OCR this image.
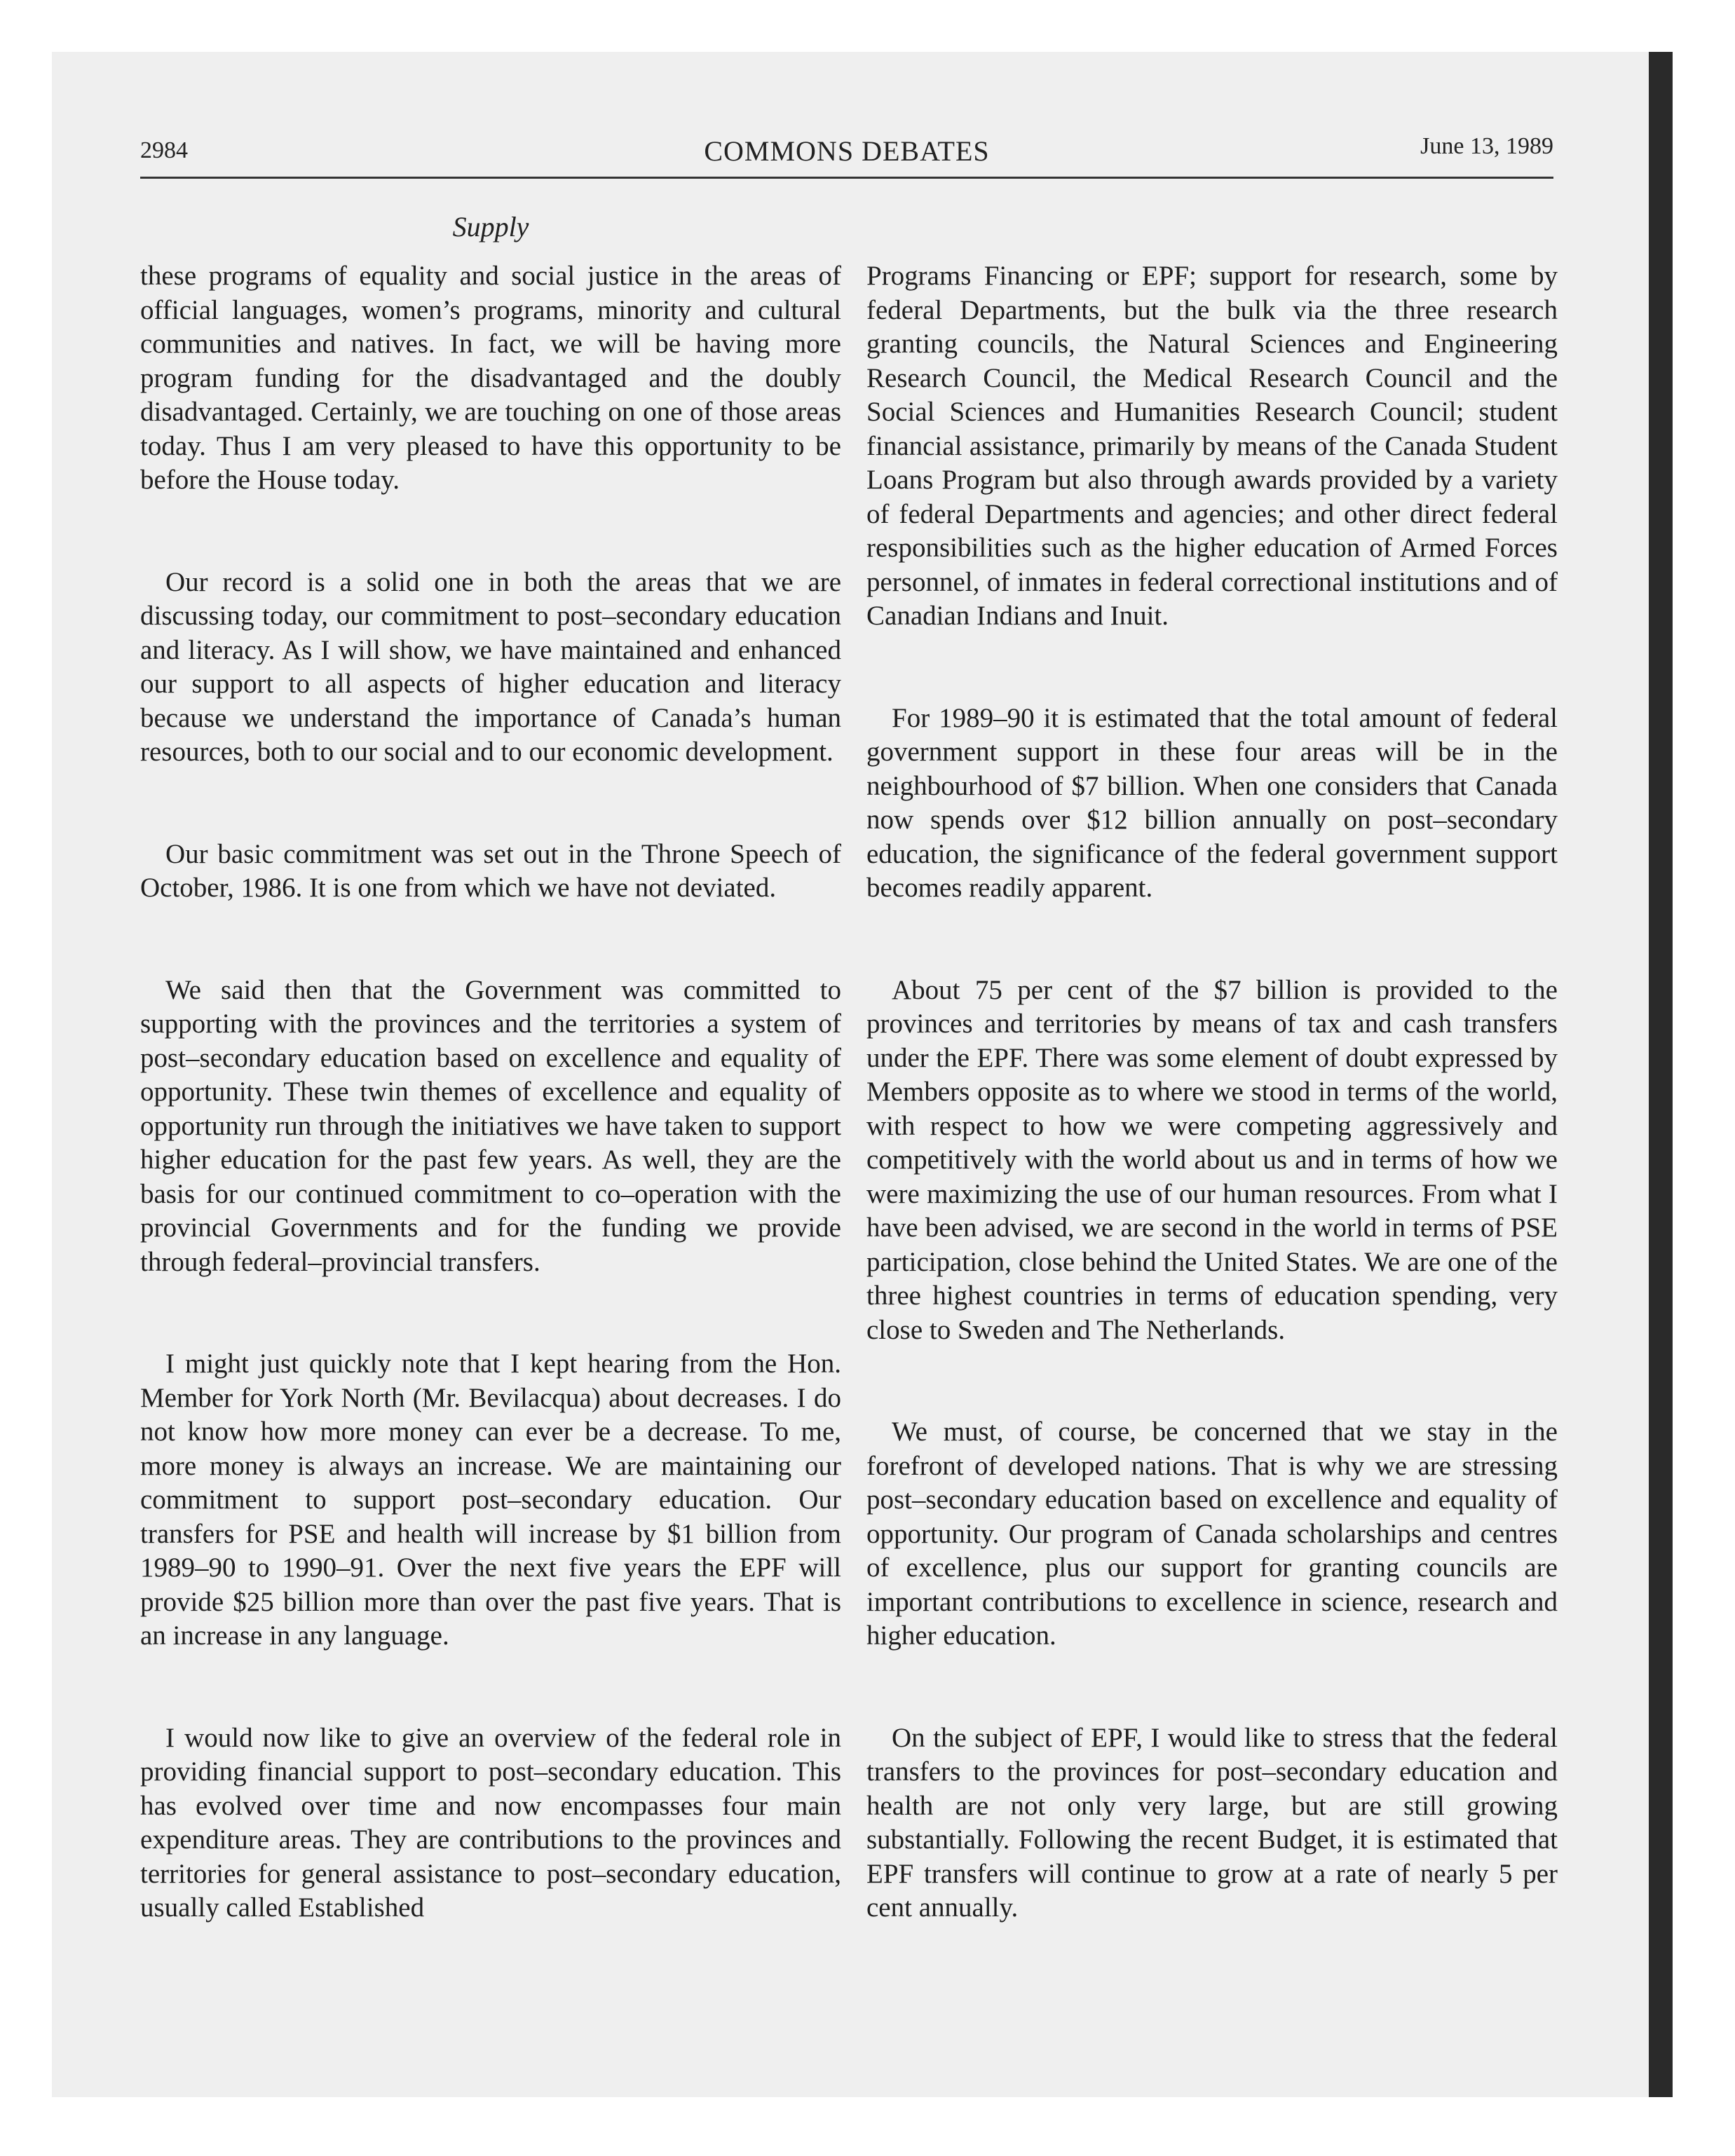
2984	COMMONS DEBATES	June 13, 1989
Supply

these programs of equality and social justice in the areas of official languages, women’s programs, minority and cultural communities and natives. In fact, we will be having more program funding for the disadvantaged and the doubly disadvantaged. Certainly, we are touching on one of those areas today. Thus I am very pleased to have this opportunity to be before the House today.

Our record is a solid one in both the areas that we are discussing today, our commitment to post–secondary education and literacy. As I will show, we have maintained and enhanced our support to all aspects of higher education and literacy because we understand the importance of Canada’s human resources, both to our social and to our economic development.

Our basic commitment was set out in the Throne Speech of October, 1986. It is one from which we have not deviated.

We said then that the Government was committed to supporting with the provinces and the territories a system of post–secondary education based on excellence and equality of opportunity. These twin themes of excellence and equality of opportunity run through the initiatives we have taken to support higher education for the past few years. As well, they are the basis for our continued commitment to co–operation with the provincial Governments and for the funding we provide through federal–provincial transfers.

I might just quickly note that I kept hearing from the Hon. Member for York North (Mr. Bevilacqua) about decreases. I do not know how more money can ever be a decrease. To me, more money is always an increase. We are maintaining our commitment to support post–secondary education. Our transfers for PSE and health will increase by $1 billion from 1989–90 to 1990–91. Over the next five years the EPF will provide $25 billion more than over the past five years. That is an increase in any language.

I would now like to give an overview of the federal role in providing financial support to post–secondary education. This has evolved over time and now encompasses four main expenditure areas. They are contributions to the provinces and territories for general assistance to post–secondary education, usually called Established

Programs Financing or EPF; support for research, some by federal Departments, but the bulk via the three research granting councils, the Natural Sciences and Engineering Research Council, the Medical Research Council and the Social Sciences and Humanities Research Council; student financial assistance, primarily by means of the Canada Student Loans Program but also through awards provided by a variety of federal Departments and agencies; and other direct federal responsibilities such as the higher education of Armed Forces personnel, of inmates in federal correctional institutions and of Canadian Indians and Inuit.

For 1989–90 it is estimated that the total amount of federal government support in these four areas will be in the neighbourhood of $7 billion. When one considers that Canada now spends over $12 billion annually on post–secondary education, the significance of the federal government support becomes readily apparent.

About 75 per cent of the $7 billion is provided to the provinces and territories by means of tax and cash transfers under the EPF. There was some element of doubt expressed by Members opposite as to where we stood in terms of the world, with respect to how we were competing aggressively and competitively with the world about us and in terms of how we were maximizing the use of our human resources. From what I have been advised, we are second in the world in terms of PSE participation, close behind the United States. We are one of the three highest countries in terms of education spending, very close to Sweden and The Netherlands.

We must, of course, be concerned that we stay in the forefront of developed nations. That is why we are stressing post–secondary education based on excellence and equality of opportunity. Our program of Canada scholarships and centres of excellence, plus our support for granting councils are important contributions to excellence in science, research and higher education.

On the subject of EPF, I would like to stress that the federal transfers to the provinces for post–secondary education and health are not only very large, but are still growing substantially. Following the recent Budget, it is estimated that EPF transfers will continue to grow at a rate of nearly 5 per cent annually.
